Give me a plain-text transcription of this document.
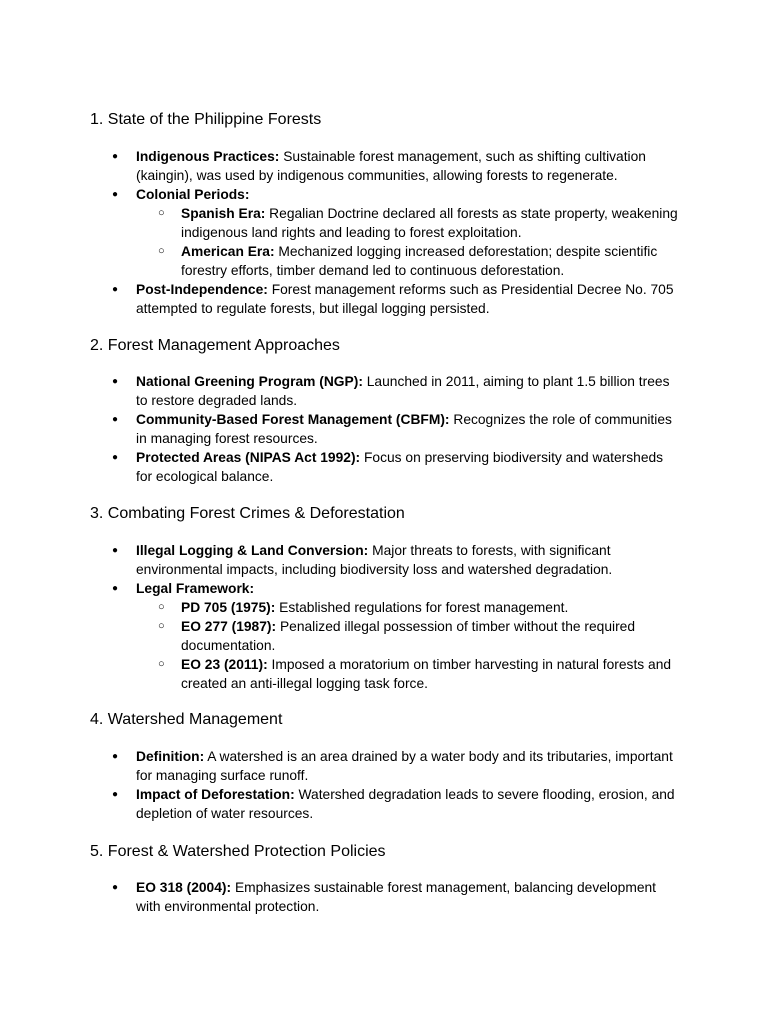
1. State of the Philippine Forests
● Indigenous Practices: Sustainable forest management, such as shifting cultivation (kaingin), was used by indigenous communities, allowing forests to regenerate.
● Colonial Periods:
○ Spanish Era: Regalian Doctrine declared all forests as state property, weakening indigenous land rights and leading to forest exploitation.
○ American Era: Mechanized logging increased deforestation; despite scientific forestry efforts, timber demand led to continuous deforestation.
● Post-Independence: Forest management reforms such as Presidential Decree No. 705 attempted to regulate forests, but illegal logging persisted.
2. Forest Management Approaches
● National Greening Program (NGP): Launched in 2011, aiming to plant 1.5 billion trees to restore degraded lands.
● Community-Based Forest Management (CBFM): Recognizes the role of communities in managing forest resources.
● Protected Areas (NIPAS Act 1992): Focus on preserving biodiversity and watersheds for ecological balance.
3. Combating Forest Crimes & Deforestation
● Illegal Logging & Land Conversion: Major threats to forests, with significant environmental impacts, including biodiversity loss and watershed degradation.
● Legal Framework:
○ PD 705 (1975): Established regulations for forest management.
○ EO 277 (1987): Penalized illegal possession of timber without the required documentation.
○ EO 23 (2011): Imposed a moratorium on timber harvesting in natural forests and created an anti-illegal logging task force.
4. Watershed Management
● Definition: A watershed is an area drained by a water body and its tributaries, important for managing surface runoff.
● Impact of Deforestation: Watershed degradation leads to severe flooding, erosion, and depletion of water resources.
5. Forest & Watershed Protection Policies
● EO 318 (2004): Emphasizes sustainable forest management, balancing development with environmental protection.
